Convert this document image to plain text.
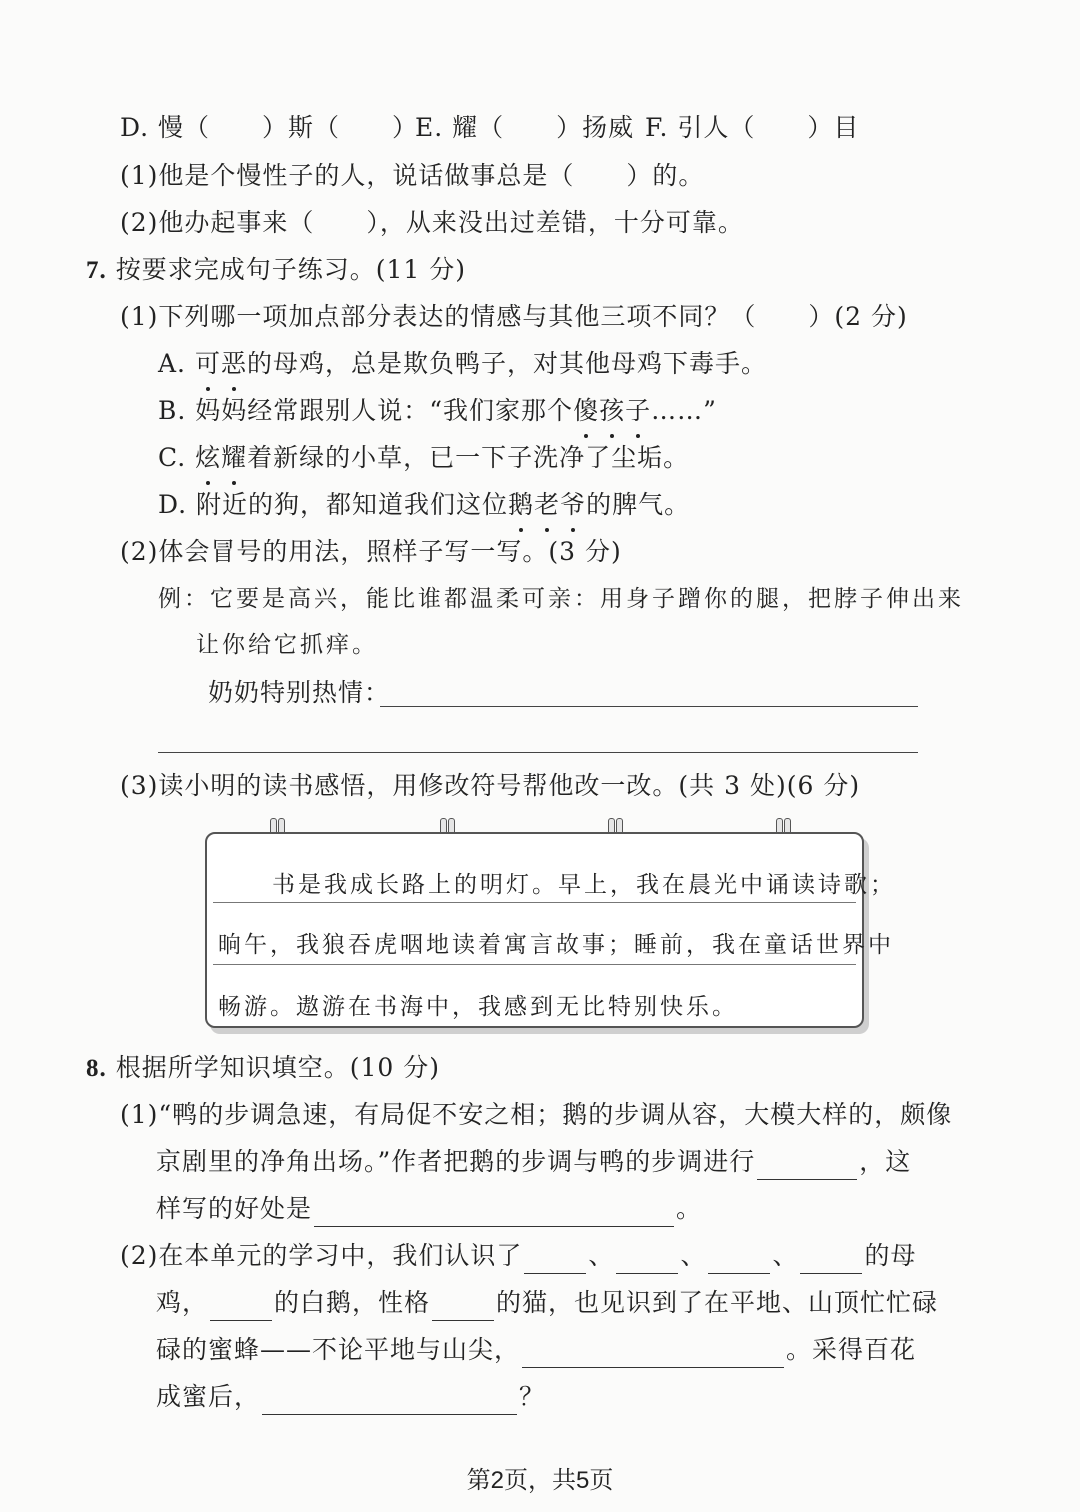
D. 慢（　　）斯（　　）
E. 耀（　　）扬威 F. 引人（　　）目
(1)他是个慢性子的人，说话做事总是（　　）的。
(2)他办起事来（　　），从来没出过差错，十分可靠。
7. 按要求完成句子练习。(11 分)
(1)下列哪一项加点部分表达的情感与其他三项不同？（　　）(2 分)
A. 可恶的母鸡，总是欺负鸭子，对其他母鸡下毒手。
B. 妈妈经常跟别人说：“我们家那个傻孩子……”
C. 炫耀着新绿的小草，已一下子洗净了尘垢。
D. 附近的狗，都知道我们这位鹅老爷的脾气。
(2)体会冒号的用法，照样子写一写。(3 分)
例：它要是高兴，能比谁都温柔可亲：用身子蹭你的腿，把脖子伸出来
让你给它抓痒。
奶奶特别热情：
(3)读小明的读书感悟，用修改符号帮他改一改。(共 3 处)(6 分)
书是我成长路上的明灯。早上，我在晨光中诵读诗歌；
晌午，我狼吞虎咽地读着寓言故事；睡前，我在童话世界中
畅游。遨游在书海中，我感到无比特别快乐。
8. 根据所学知识填空。(10 分)
(1)“鸭的步调急速，有局促不安之相；鹅的步调从容，大模大样的，颇像
京剧里的净角出场。”作者把鹅的步调与鸭的步调进行	，这
样写的好处是	。
(2)在本单元的学习中，我们认识了	、	、	、	的母
鸡，	的白鹅，性格	的猫，也见识到了在平地、山顶忙忙碌
碌的蜜蜂——不论平地与山尖，	。采得百花
成蜜后，	？
第2页，共5页
